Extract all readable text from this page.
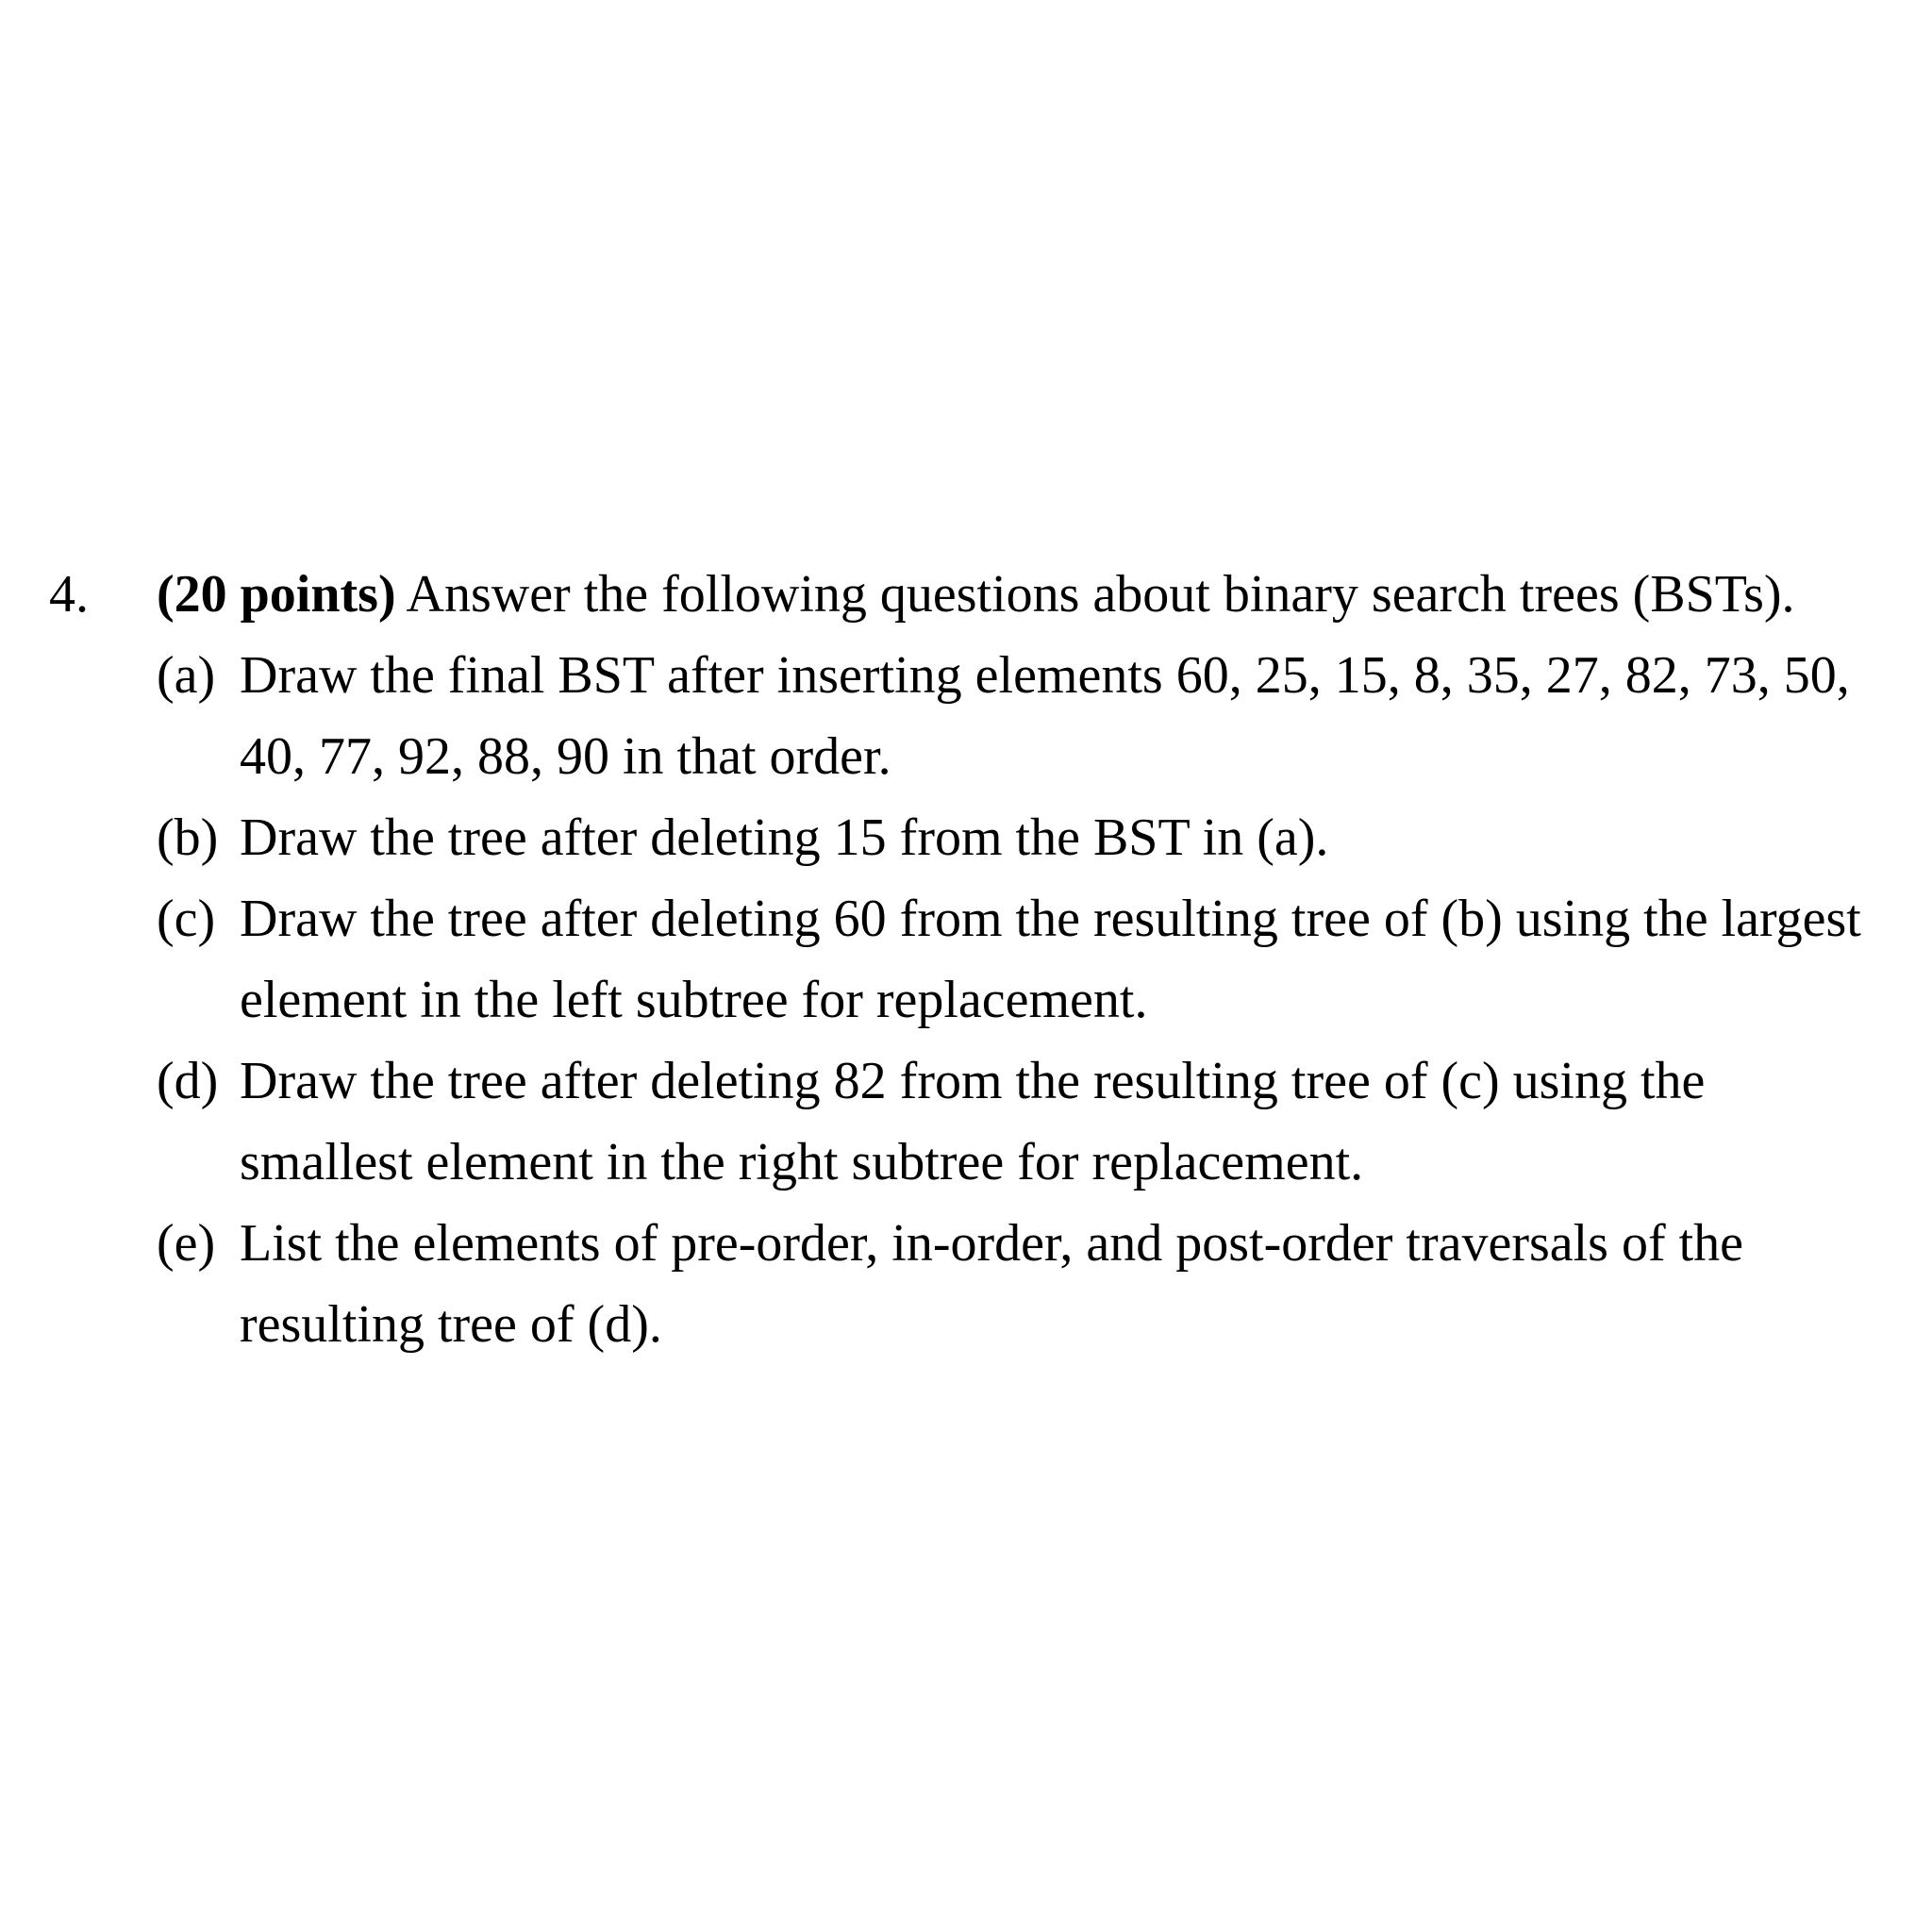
4. (20 points) Answer the following questions about binary search trees (BSTs).
(a) Draw the final BST after inserting elements 60, 25, 15, 8, 35, 27, 82, 73, 50,
40, 77, 92, 88, 90 in that order.
(b) Draw the tree after deleting 15 from the BST in (a).
(c) Draw the tree after deleting 60 from the resulting tree of (b) using the largest
element in the left subtree for replacement.
(d) Draw the tree after deleting 82 from the resulting tree of (c) using the
smallest element in the right subtree for replacement.
(e) List the elements of pre-order, in-order, and post-order traversals of the
resulting tree of (d).
